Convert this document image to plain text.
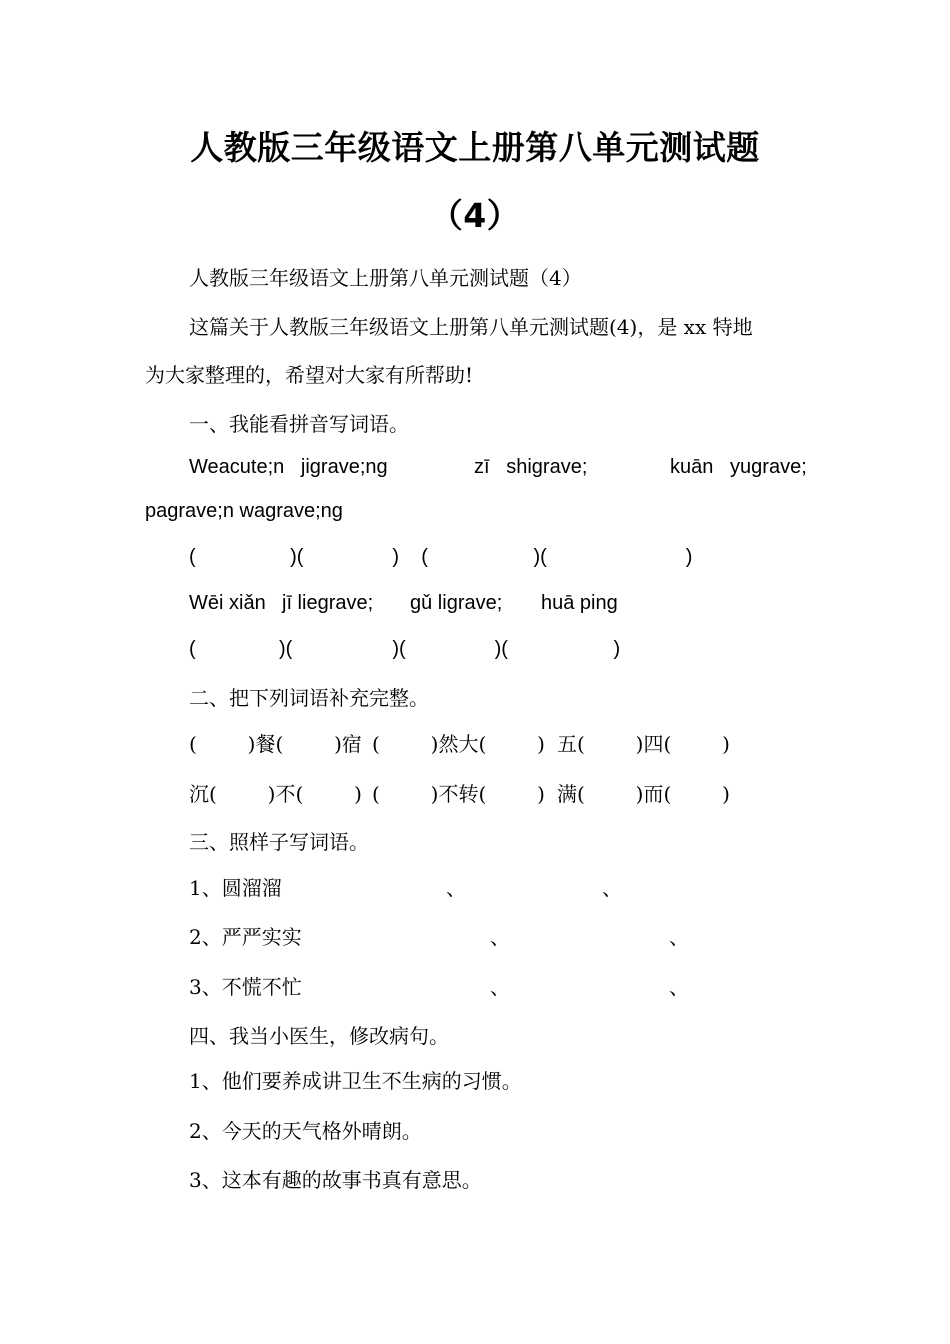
人教版三年级语文上册第八单元测试题
（4）
人教版三年级语文上册第八单元测试题（4）
这篇关于人教版三年级语文上册第八单元测试题(4)，是 xx 特地
为大家整理的，希望对大家有所帮助!
一、我能看拼音写词语。
Weacute;n   jigrave;ng	zī   shigrave;	kuān   yugrave;
pagrave;n wagrave;ng
(                 )(                )    (                   )(                         )
Wēi xiǎn jī liegrave; gǔ ligrave; huā ping
(               )(                  )(                )(                   )
二、把下列词语补充完整。
(        )餐(        )宿 (        )然大(        ) 五(        )四(        )
沉(        )不(        ) (        )不转(        ) 满(        )而(        )
三、照样子写词语。
1、圆溜溜	、	、
2、严严实实	、	、
3、不慌不忙	、	、
四、我当小医生，修改病句。
1、他们要养成讲卫生不生病的习惯。
2、今天的天气格外晴朗。
3、这本有趣的故事书真有意思。
